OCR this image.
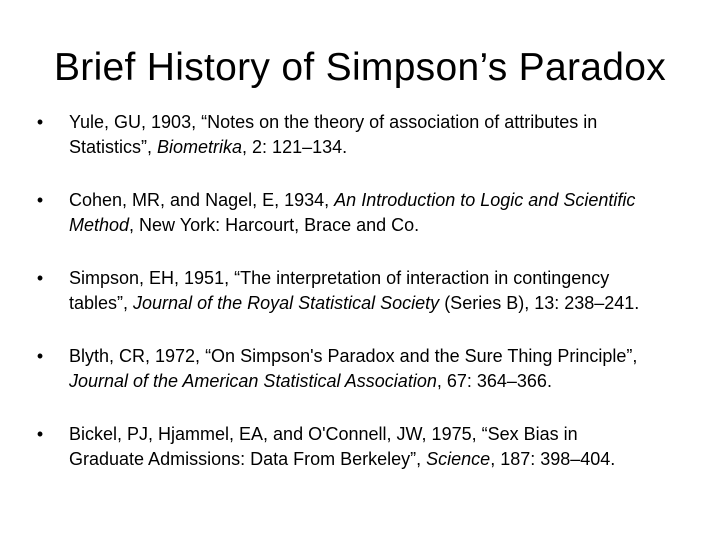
Brief History of Simpson’s Paradox
•	Yule, GU, 1903, “Notes on the theory of association of attributes in Statistics”, Biometrika, 2: 121–134.
•	Cohen, MR, and Nagel, E, 1934, An Introduction to Logic and Scientific Method, New York: Harcourt, Brace and Co.
•	Simpson, EH, 1951, “The interpretation of interaction in contingency tables”, Journal of the Royal Statistical Society (Series B), 13: 238–241.
•	Blyth, CR, 1972, “On Simpson's Paradox and the Sure Thing Principle”, Journal of the American Statistical Association, 67: 364–366.
•	Bickel, PJ, Hjammel, EA, and O'Connell, JW, 1975, “Sex Bias in Graduate Admissions: Data From Berkeley”, Science, 187: 398–404.
